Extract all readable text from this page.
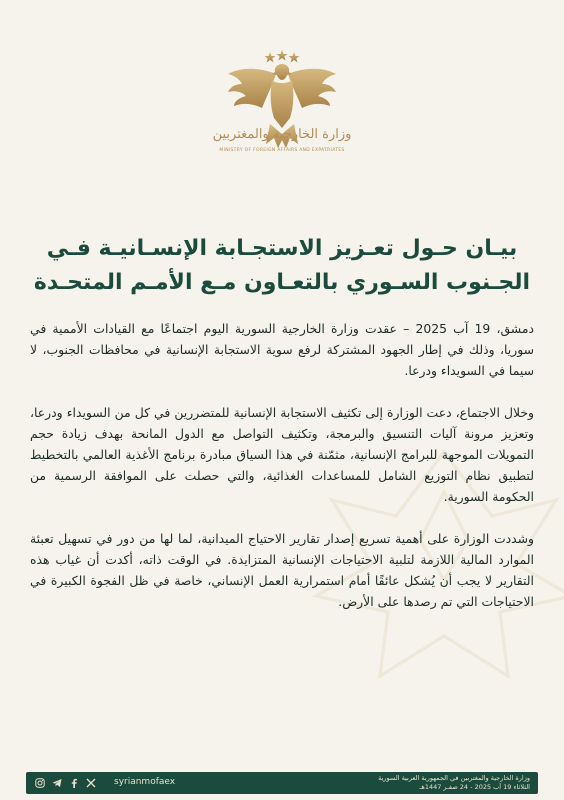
وزارة الخارجية والمغتربين
MINISTRY OF FOREIGN AFFAIRS AND EXPATRIATES
بيـان حـول تعـزيز الاستجـابة الإنسـانيـة فـي
الجـنوب السـوري بالتعـاون مـع الأمـم المتحـدة

دمشق، 19 آب 2025 – عقدت وزارة الخارجية السورية اليوم اجتماعًا مع القيادات الأممية في سوريا، وذلك في إطار الجهود المشتركة لرفع سوية الاستجابة الإنسانية في محافظات الجنوب، لا سيما في السويداء ودرعا.

وخلال الاجتماع، دعت الوزارة إلى تكثيف الاستجابة الإنسانية للمتضررين في كل من السويداء ودرعا، وتعزيز مرونة آليات التنسيق والبرمجة، وتكثيف التواصل مع الدول المانحة بهدف زيادة حجم التمويلات الموجهة للبرامج الإنسانية، مثمّنة في هذا السياق مبادرة برنامج الأغذية العالمي بالتخطيط لتطبيق نظام التوزيع الشامل للمساعدات الغذائية، والتي حصلت على الموافقة الرسمية من الحكومة السورية.

وشددت الوزارة على أهمية تسريع إصدار تقارير الاحتياج الميدانية، لما لها من دور في تسهيل تعبئة الموارد المالية اللازمة لتلبية الاحتياجات الإنسانية المتزايدة. في الوقت ذاته، أكدت أن غياب هذه التقارير لا يجب أن يُشكل عائقًا أمام استمرارية العمل الإنساني، خاصة في ظل الفجوة الكبيرة في الاحتياجات التي تم رصدها على الأرض.

syrianmofaex	وزارة الخارجية والمغتربين في الجمهورية العربية السورية
الثلاثاء 19 آب 2025 - 24 صفـر 1447هـ
